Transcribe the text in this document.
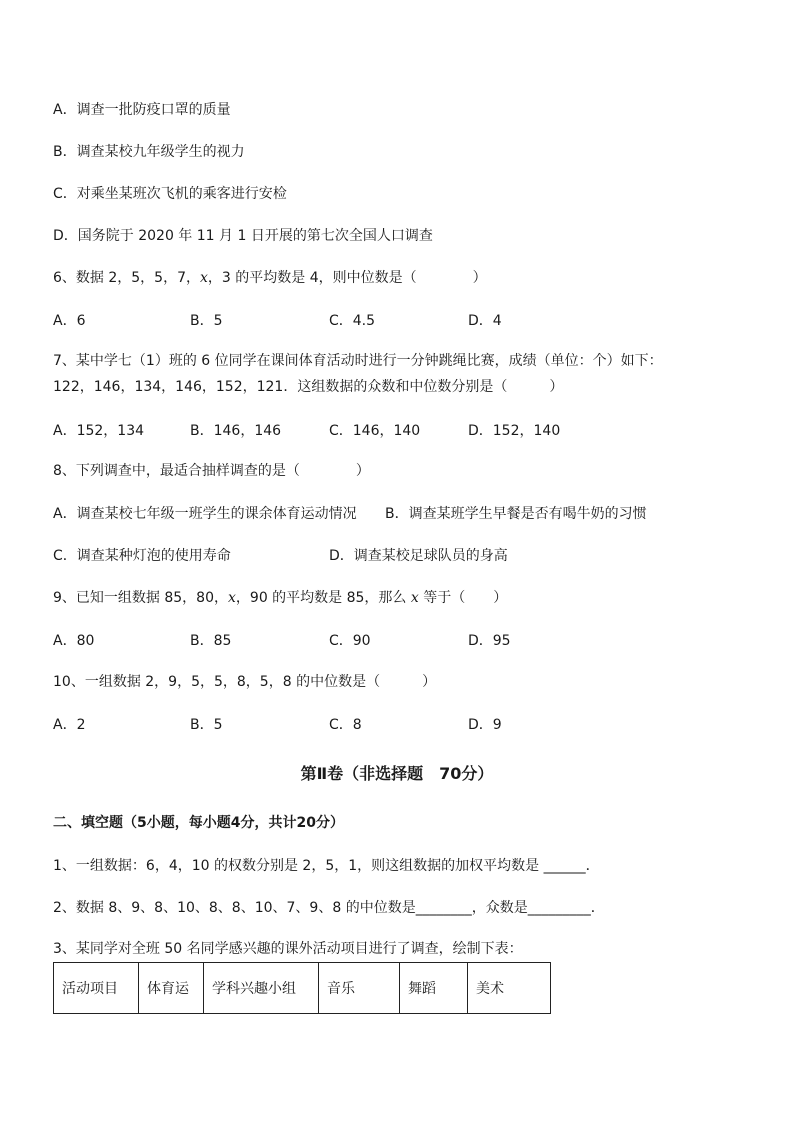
A．调查一批防疫口罩的质量
B．调查某校九年级学生的视力
C．对乘坐某班次飞机的乘客进行安检
D．国务院于 2020 年 11 月 1 日开展的第七次全国人口调查
6、数据 2，5，5，7，x，3 的平均数是 4，则中位数是（　　　　）
A．6	B．5	C．4.5	D．4
7、某中学七（1）班的 6 位同学在课间体育活动时进行一分钟跳绳比赛，成绩（单位：个）如下：
122，146，134，146，152，121．这组数据的众数和中位数分别是（　　　）
A．152，134	B．146，146	C．146，140	D．152，140
8、下列调查中，最适合抽样调查的是（　　　　）
A．调查某校七年级一班学生的课余体育运动情况 B．调查某班学生早餐是否有喝牛奶的习惯
C．调查某种灯泡的使用寿命	D．调查某校足球队员的身高
9、已知一组数据 85，80，x，90 的平均数是 85，那么 x 等于（　　）
A．80	B．85	C．90	D．95
10、一组数据 2，9，5，5，8，5，8 的中位数是（　　　）
A．2	B．5	C．8	D．9
第Ⅱ卷（非选择题　70分）
二、填空题（5小题，每小题4分，共计20分）
1、一组数据：6，4，10 的权数分别是 2，5，1，则这组数据的加权平均数是 ______．
2、数据 8、9、8、10、8、8、10、7、9、8 的中位数是________，众数是_________．
3、某同学对全班 50 名同学感兴趣的课外活动项目进行了调查，绘制下表：
活动项目	体育运	学科兴趣小组	音乐	舞蹈	美术
